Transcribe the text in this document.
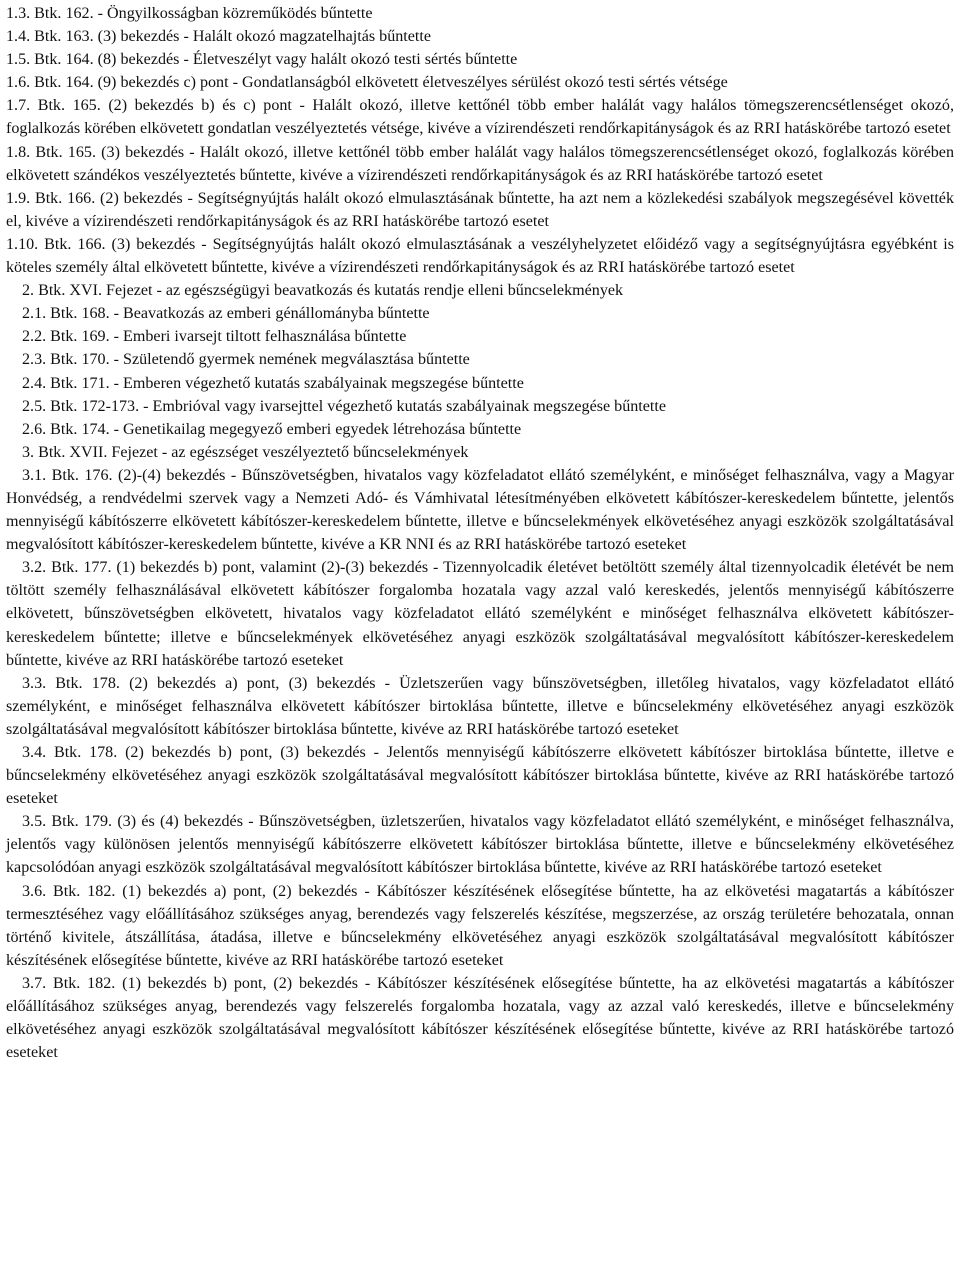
1.3. Btk. 162. - Öngyilkosságban közreműködés bűntette

1.4. Btk. 163. (3) bekezdés - Halált okozó magzatelhajtás bűntette

1.5. Btk. 164. (8) bekezdés - Életveszélyt vagy halált okozó testi sértés bűntette

1.6. Btk. 164. (9) bekezdés c) pont - Gondatlanságból elkövetett életveszélyes sérülést okozó testi sértés vétsége

1.7. Btk. 165. (2) bekezdés b) és c) pont - Halált okozó, illetve kettőnél több ember halálát vagy halálos tömegszerencsétlenséget okozó, foglalkozás körében elkövetett gondatlan veszélyeztetés vétsége, kivéve a vízirendészeti rendőrkapitányságok és az RRI hatáskörébe tartozó esetet

1.8. Btk. 165. (3) bekezdés - Halált okozó, illetve kettőnél több ember halálát vagy halálos tömegszerencsétlenséget okozó, foglalkozás körében elkövetett szándékos veszélyeztetés bűntette, kivéve a vízirendészeti rendőrkapitányságok és az RRI hatáskörébe tartozó esetet

1.9. Btk. 166. (2) bekezdés - Segítségnyújtás halált okozó elmulasztásának bűntette, ha azt nem a közlekedési szabályok megszegésével követték el, kivéve a vízirendészeti rendőrkapitányságok és az RRI hatáskörébe tartozó esetet

1.10. Btk. 166. (3) bekezdés - Segítségnyújtás halált okozó elmulasztásának a veszélyhelyzetet előidéző vagy a segítségnyújtásra egyébként is köteles személy által elkövetett bűntette, kivéve a vízirendészeti rendőrkapitányságok és az RRI hatáskörébe tartozó esetet

2. Btk. XVI. Fejezet - az egészségügyi beavatkozás és kutatás rendje elleni bűncselekmények

2.1. Btk. 168. - Beavatkozás az emberi génállományba bűntette

2.2. Btk. 169. - Emberi ivarsejt tiltott felhasználása bűntette

2.3. Btk. 170. - Születendő gyermek nemének megválasztása bűntette

2.4. Btk. 171. - Emberen végezhető kutatás szabályainak megszegése bűntette

2.5. Btk. 172-173. - Embrióval vagy ivarsejttel végezhető kutatás szabályainak megszegése bűntette

2.6. Btk. 174. - Genetikailag megegyező emberi egyedek létrehozása bűntette

3. Btk. XVII. Fejezet - az egészséget veszélyeztető bűncselekmények

3.1. Btk. 176. (2)-(4) bekezdés - Bűnszövetségben, hivatalos vagy közfeladatot ellátó személyként, e minőséget felhasználva, vagy a Magyar Honvédség, a rendvédelmi szervek vagy a Nemzeti Adó- és Vámhivatal létesítményében elkövetett kábítószer-kereskedelem bűntette, jelentős mennyiségű kábítószerre elkövetett kábítószer-kereskedelem bűntette, illetve e bűncselekmények elkövetéséhez anyagi eszközök szolgáltatásával megvalósított kábítószer-kereskedelem bűntette, kivéve a KR NNI és az RRI hatáskörébe tartozó eseteket

3.2. Btk. 177. (1) bekezdés b) pont, valamint (2)-(3) bekezdés - Tizennyolcadik életévet betöltött személy által tizennyolcadik életévét be nem töltött személy felhasználásával elkövetett kábítószer forgalomba hozatala vagy azzal való kereskedés, jelentős mennyiségű kábítószerre elkövetett, bűnszövetségben elkövetett, hivatalos vagy közfeladatot ellátó személyként e minőséget felhasználva elkövetett kábítószer-kereskedelem bűntette; illetve e bűncselekmények elkövetéséhez anyagi eszközök szolgáltatásával megvalósított kábítószer-kereskedelem bűntette, kivéve az RRI hatáskörébe tartozó eseteket

3.3. Btk. 178. (2) bekezdés a) pont, (3) bekezdés - Üzletszerűen vagy bűnszövetségben, illetőleg hivatalos, vagy közfeladatot ellátó személyként, e minőséget felhasználva elkövetett kábítószer birtoklása bűntette, illetve e bűncselekmény elkövetéséhez anyagi eszközök szolgáltatásával megvalósított kábítószer birtoklása bűntette, kivéve az RRI hatáskörébe tartozó eseteket

3.4. Btk. 178. (2) bekezdés b) pont, (3) bekezdés - Jelentős mennyiségű kábítószerre elkövetett kábítószer birtoklása bűntette, illetve e bűncselekmény elkövetéséhez anyagi eszközök szolgáltatásával megvalósított kábítószer birtoklása bűntette, kivéve az RRI hatáskörébe tartozó eseteket

3.5. Btk. 179. (3) és (4) bekezdés - Bűnszövetségben, üzletszerűen, hivatalos vagy közfeladatot ellátó személyként, e minőséget felhasználva, jelentős vagy különösen jelentős mennyiségű kábítószerre elkövetett kábítószer birtoklása bűntette, illetve e bűncselekmény elkövetéséhez kapcsolódóan anyagi eszközök szolgáltatásával megvalósított kábítószer birtoklása bűntette, kivéve az RRI hatáskörébe tartozó eseteket

3.6. Btk. 182. (1) bekezdés a) pont, (2) bekezdés - Kábítószer készítésének elősegítése bűntette, ha az elkövetési magatartás a kábítószer termesztéséhez vagy előállításához szükséges anyag, berendezés vagy felszerelés készítése, megszerzése, az ország területére behozatala, onnan történő kivitele, átszállítása, átadása, illetve e bűncselekmény elkövetéséhez anyagi eszközök szolgáltatásával megvalósított kábítószer készítésének elősegítése bűntette, kivéve az RRI hatáskörébe tartozó eseteket

3.7. Btk. 182. (1) bekezdés b) pont, (2) bekezdés - Kábítószer készítésének elősegítése bűntette, ha az elkövetési magatartás a kábítószer előállításához szükséges anyag, berendezés vagy felszerelés forgalomba hozatala, vagy az azzal való kereskedés, illetve e bűncselekmény elkövetéséhez anyagi eszközök szolgáltatásával megvalósított kábítószer készítésének elősegítése bűntette, kivéve az RRI hatáskörébe tartozó eseteket
